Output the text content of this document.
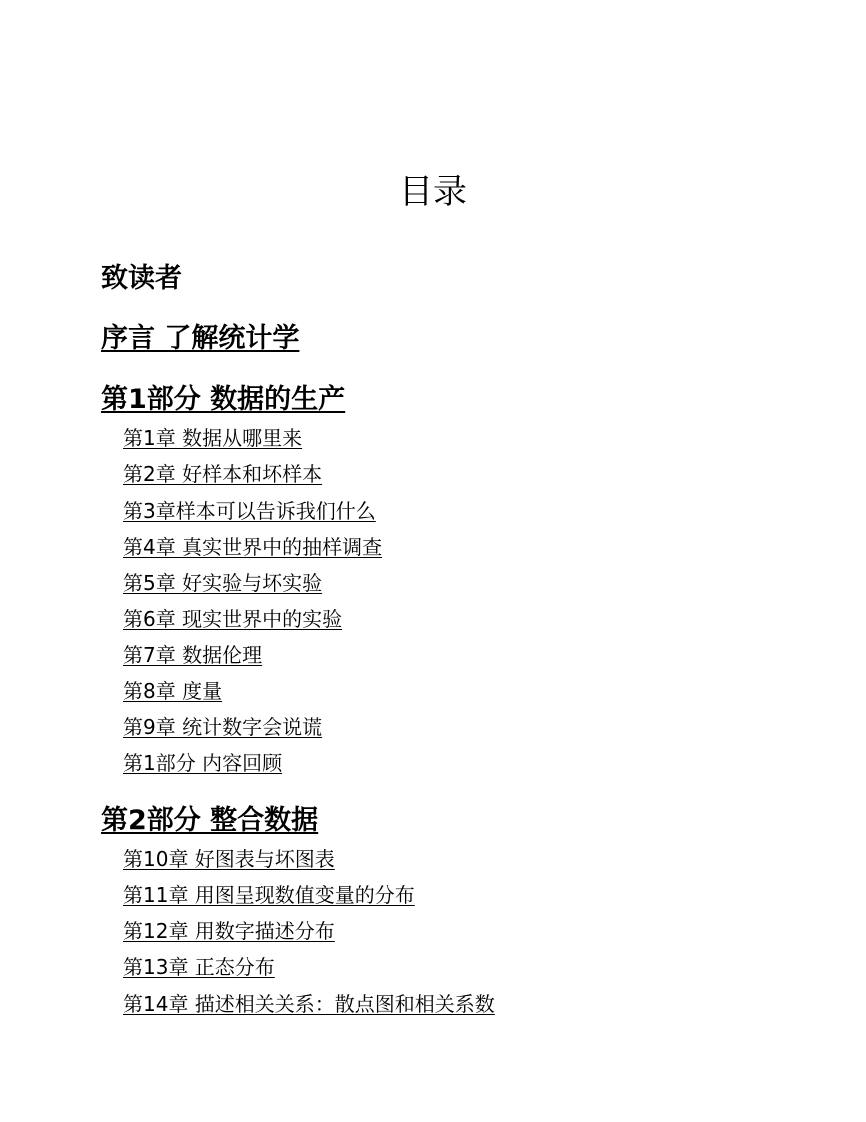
目录
致读者
序言 了解统计学
第1部分 数据的生产
第1章 数据从哪里来
第2章 好样本和坏样本
第3章样本可以告诉我们什么
第4章 真实世界中的抽样调查
第5章 好实验与坏实验
第6章 现实世界中的实验
第7章 数据伦理
第8章 度量
第9章 统计数字会说谎
第1部分 内容回顾
第2部分 整合数据
第10章 好图表与坏图表
第11章 用图呈现数值变量的分布
第12章 用数字描述分布
第13章 正态分布
第14章 描述相关关系：散点图和相关系数
